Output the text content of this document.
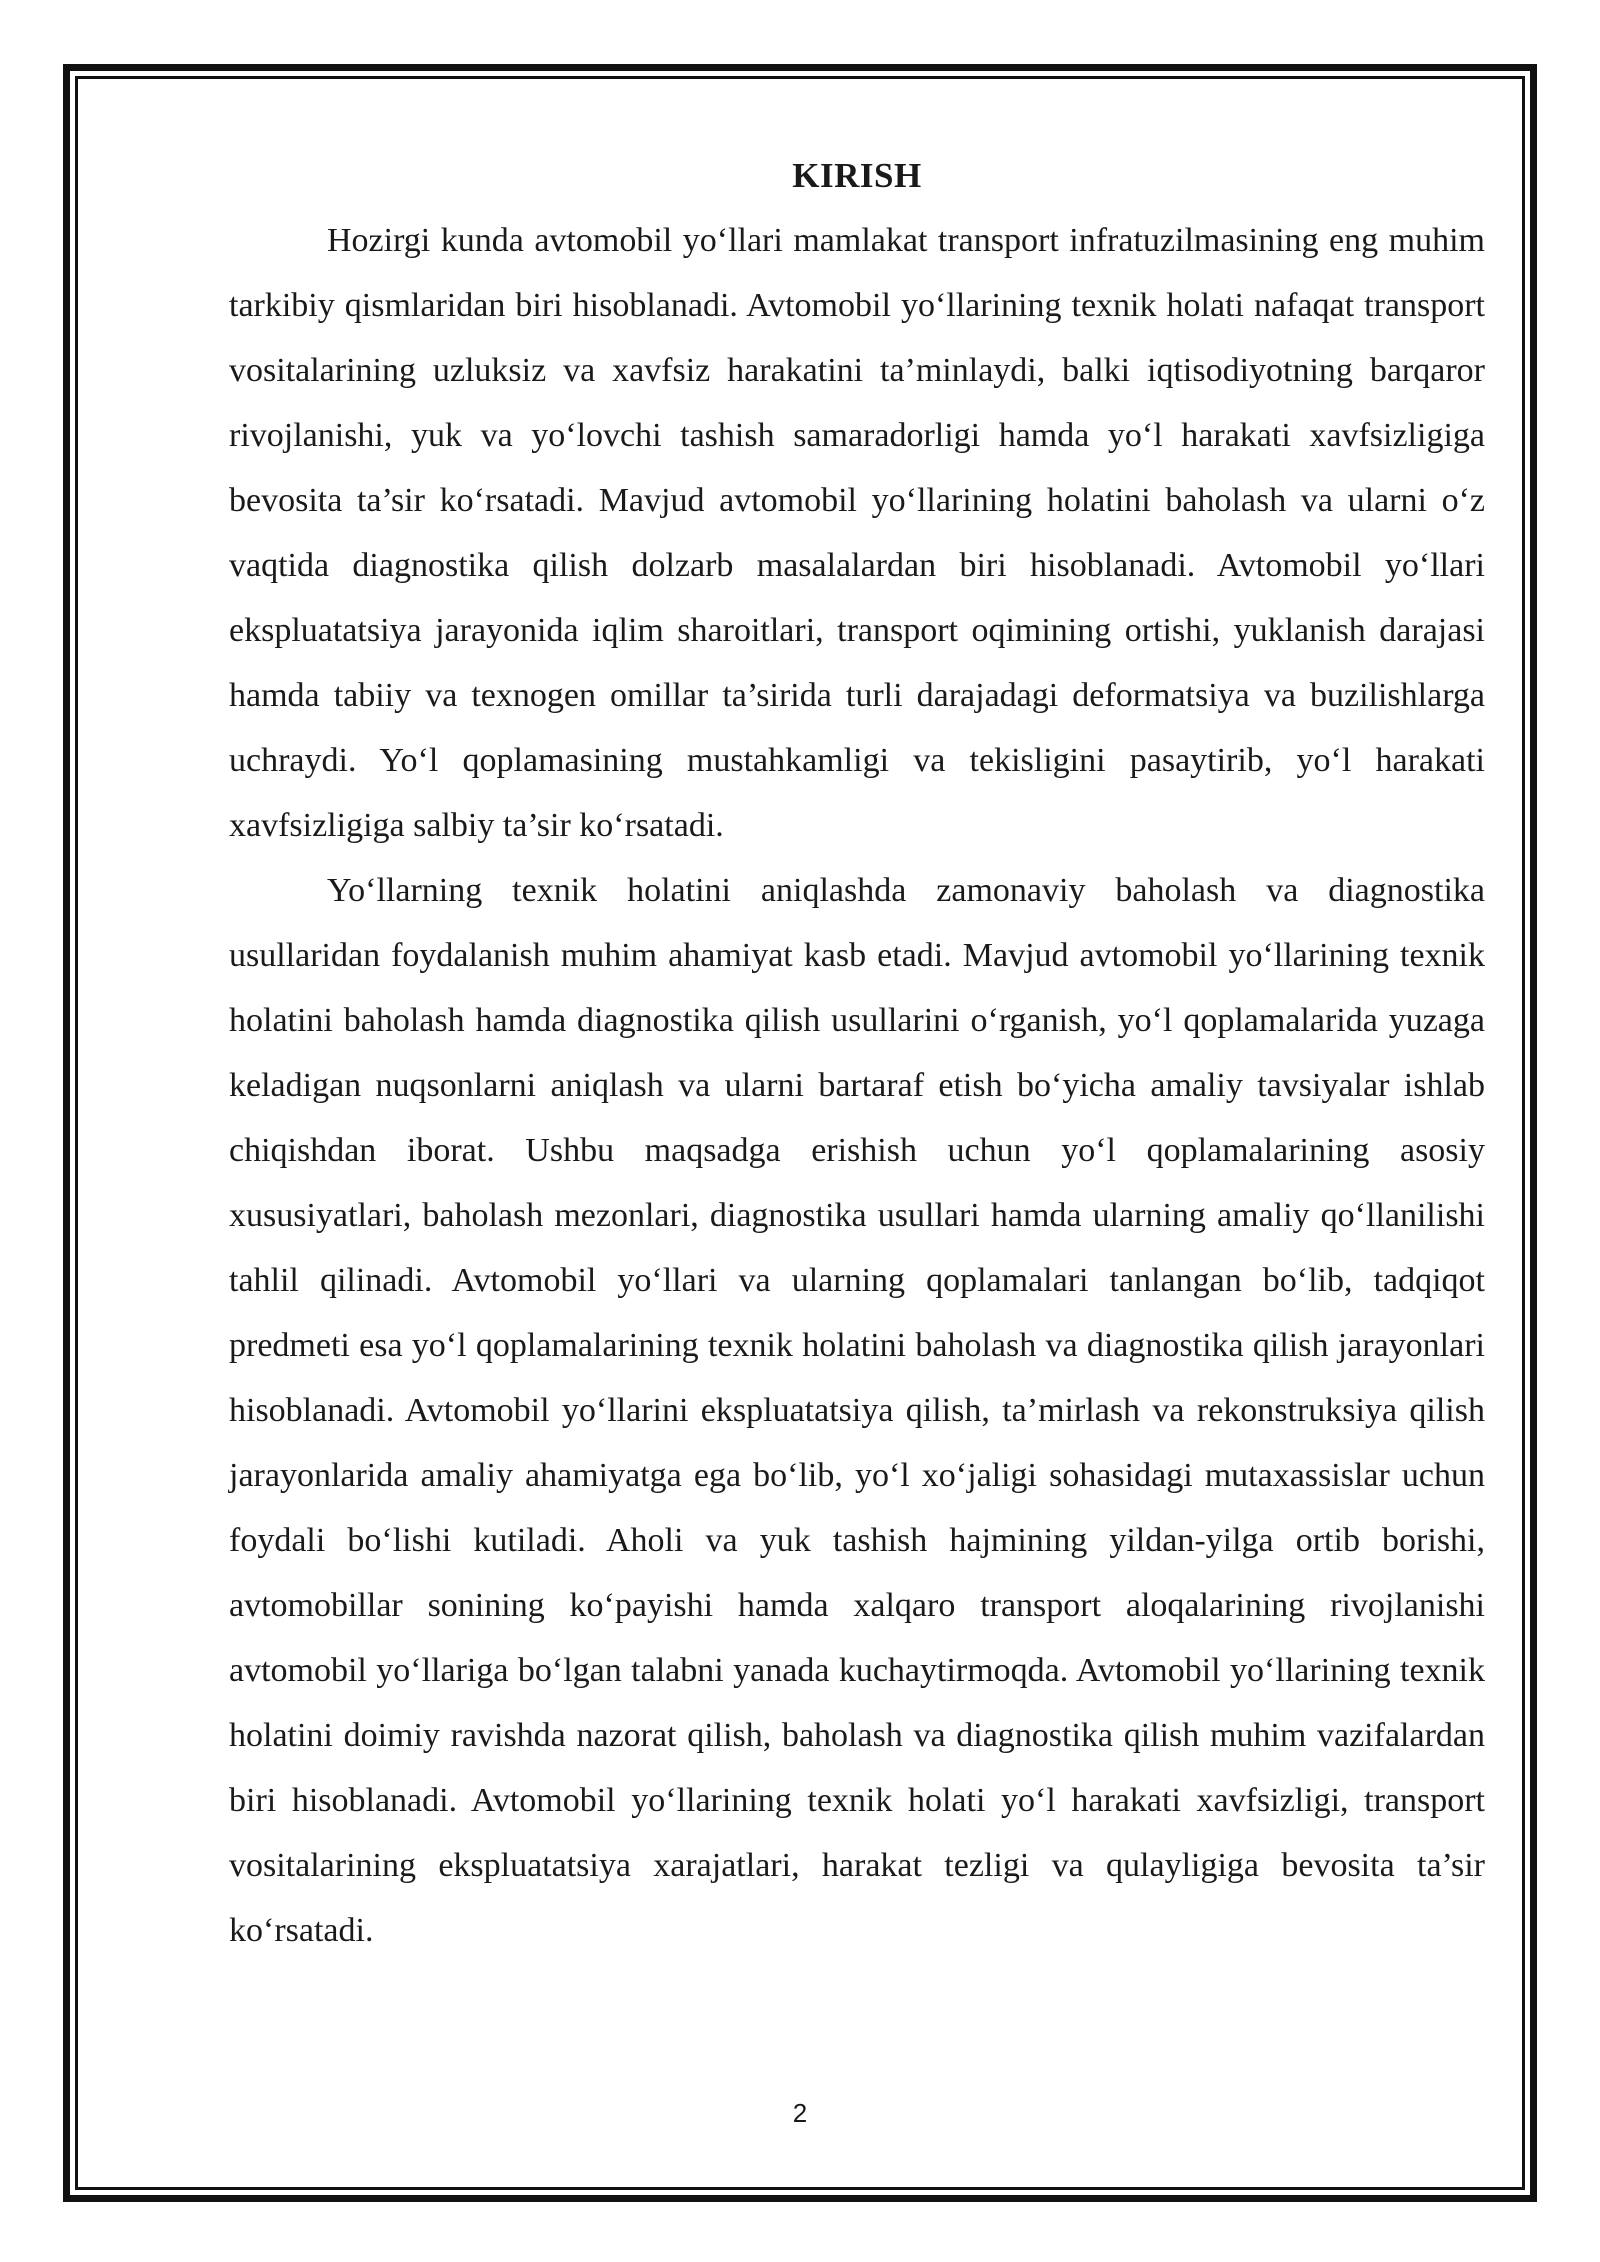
KIRISH

Hozirgi kunda avtomobil yo‘llari mamlakat transport infratuzilmasining eng muhim tarkibiy qismlaridan biri hisoblanadi. Avtomobil yo‘llarining texnik holati nafaqat transport vositalarining uzluksiz va xavfsiz harakatini ta’minlaydi, balki iqtisodiyotning barqaror rivojlanishi, yuk va yo‘lovchi tashish samaradorligi hamda yo‘l harakati xavfsizligiga bevosita ta’sir ko‘rsatadi. Mavjud avtomobil yo‘llarining holatini baholash va ularni o‘z vaqtida diagnostika qilish dolzarb masalalardan biri hisoblanadi. Avtomobil yo‘llari ekspluatatsiya jarayonida iqlim sharoitlari, transport oqimining ortishi, yuklanish darajasi hamda tabiiy va texnogen omillar ta’sirida turli darajadagi deformatsiya va buzilishlarga uchraydi. Yo‘l qoplamasining mustahkamligi va tekisligini pasaytirib, yo‘l harakati xavfsizligiga salbiy ta’sir ko‘rsatadi.

Yo‘llarning texnik holatini aniqlashda zamonaviy baholash va diagnostika usullaridan foydalanish muhim ahamiyat kasb etadi. Mavjud avtomobil yo‘llarining texnik holatini baholash hamda diagnostika qilish usullarini o‘rganish, yo‘l qoplamalarida yuzaga keladigan nuqsonlarni aniqlash va ularni bartaraf etish bo‘yicha amaliy tavsiyalar ishlab chiqishdan iborat. Ushbu maqsadga erishish uchun yo‘l qoplamalarining asosiy xususiyatlari, baholash mezonlari, diagnostika usullari hamda ularning amaliy qo‘llanilishi tahlil qilinadi. Avtomobil yo‘llari va ularning qoplamalari tanlangan bo‘lib, tadqiqot predmeti esa yo‘l qoplamalarining texnik holatini baholash va diagnostika qilish jarayonlari hisoblanadi. Avtomobil yo‘llarini ekspluatatsiya qilish, ta’mirlash va rekonstruksiya qilish jarayonlarida amaliy ahamiyatga ega bo‘lib, yo‘l xo‘jaligi sohasidagi mutaxassislar uchun foydali bo‘lishi kutiladi. Aholi va yuk tashish hajmining yildan-yilga ortib borishi, avtomobillar sonining ko‘payishi hamda xalqaro transport aloqalarining rivojlanishi avtomobil yo‘llariga bo‘lgan talabni yanada kuchaytirmoqda. Avtomobil yo‘llarining texnik holatini doimiy ravishda nazorat qilish, baholash va diagnostika qilish muhim vazifalardan biri hisoblanadi. Avtomobil yo‘llarining texnik holati yo‘l harakati xavfsizligi, transport vositalarining ekspluatatsiya xarajatlari, harakat tezligi va qulayligiga bevosita ta’sir ko‘rsatadi.

2
